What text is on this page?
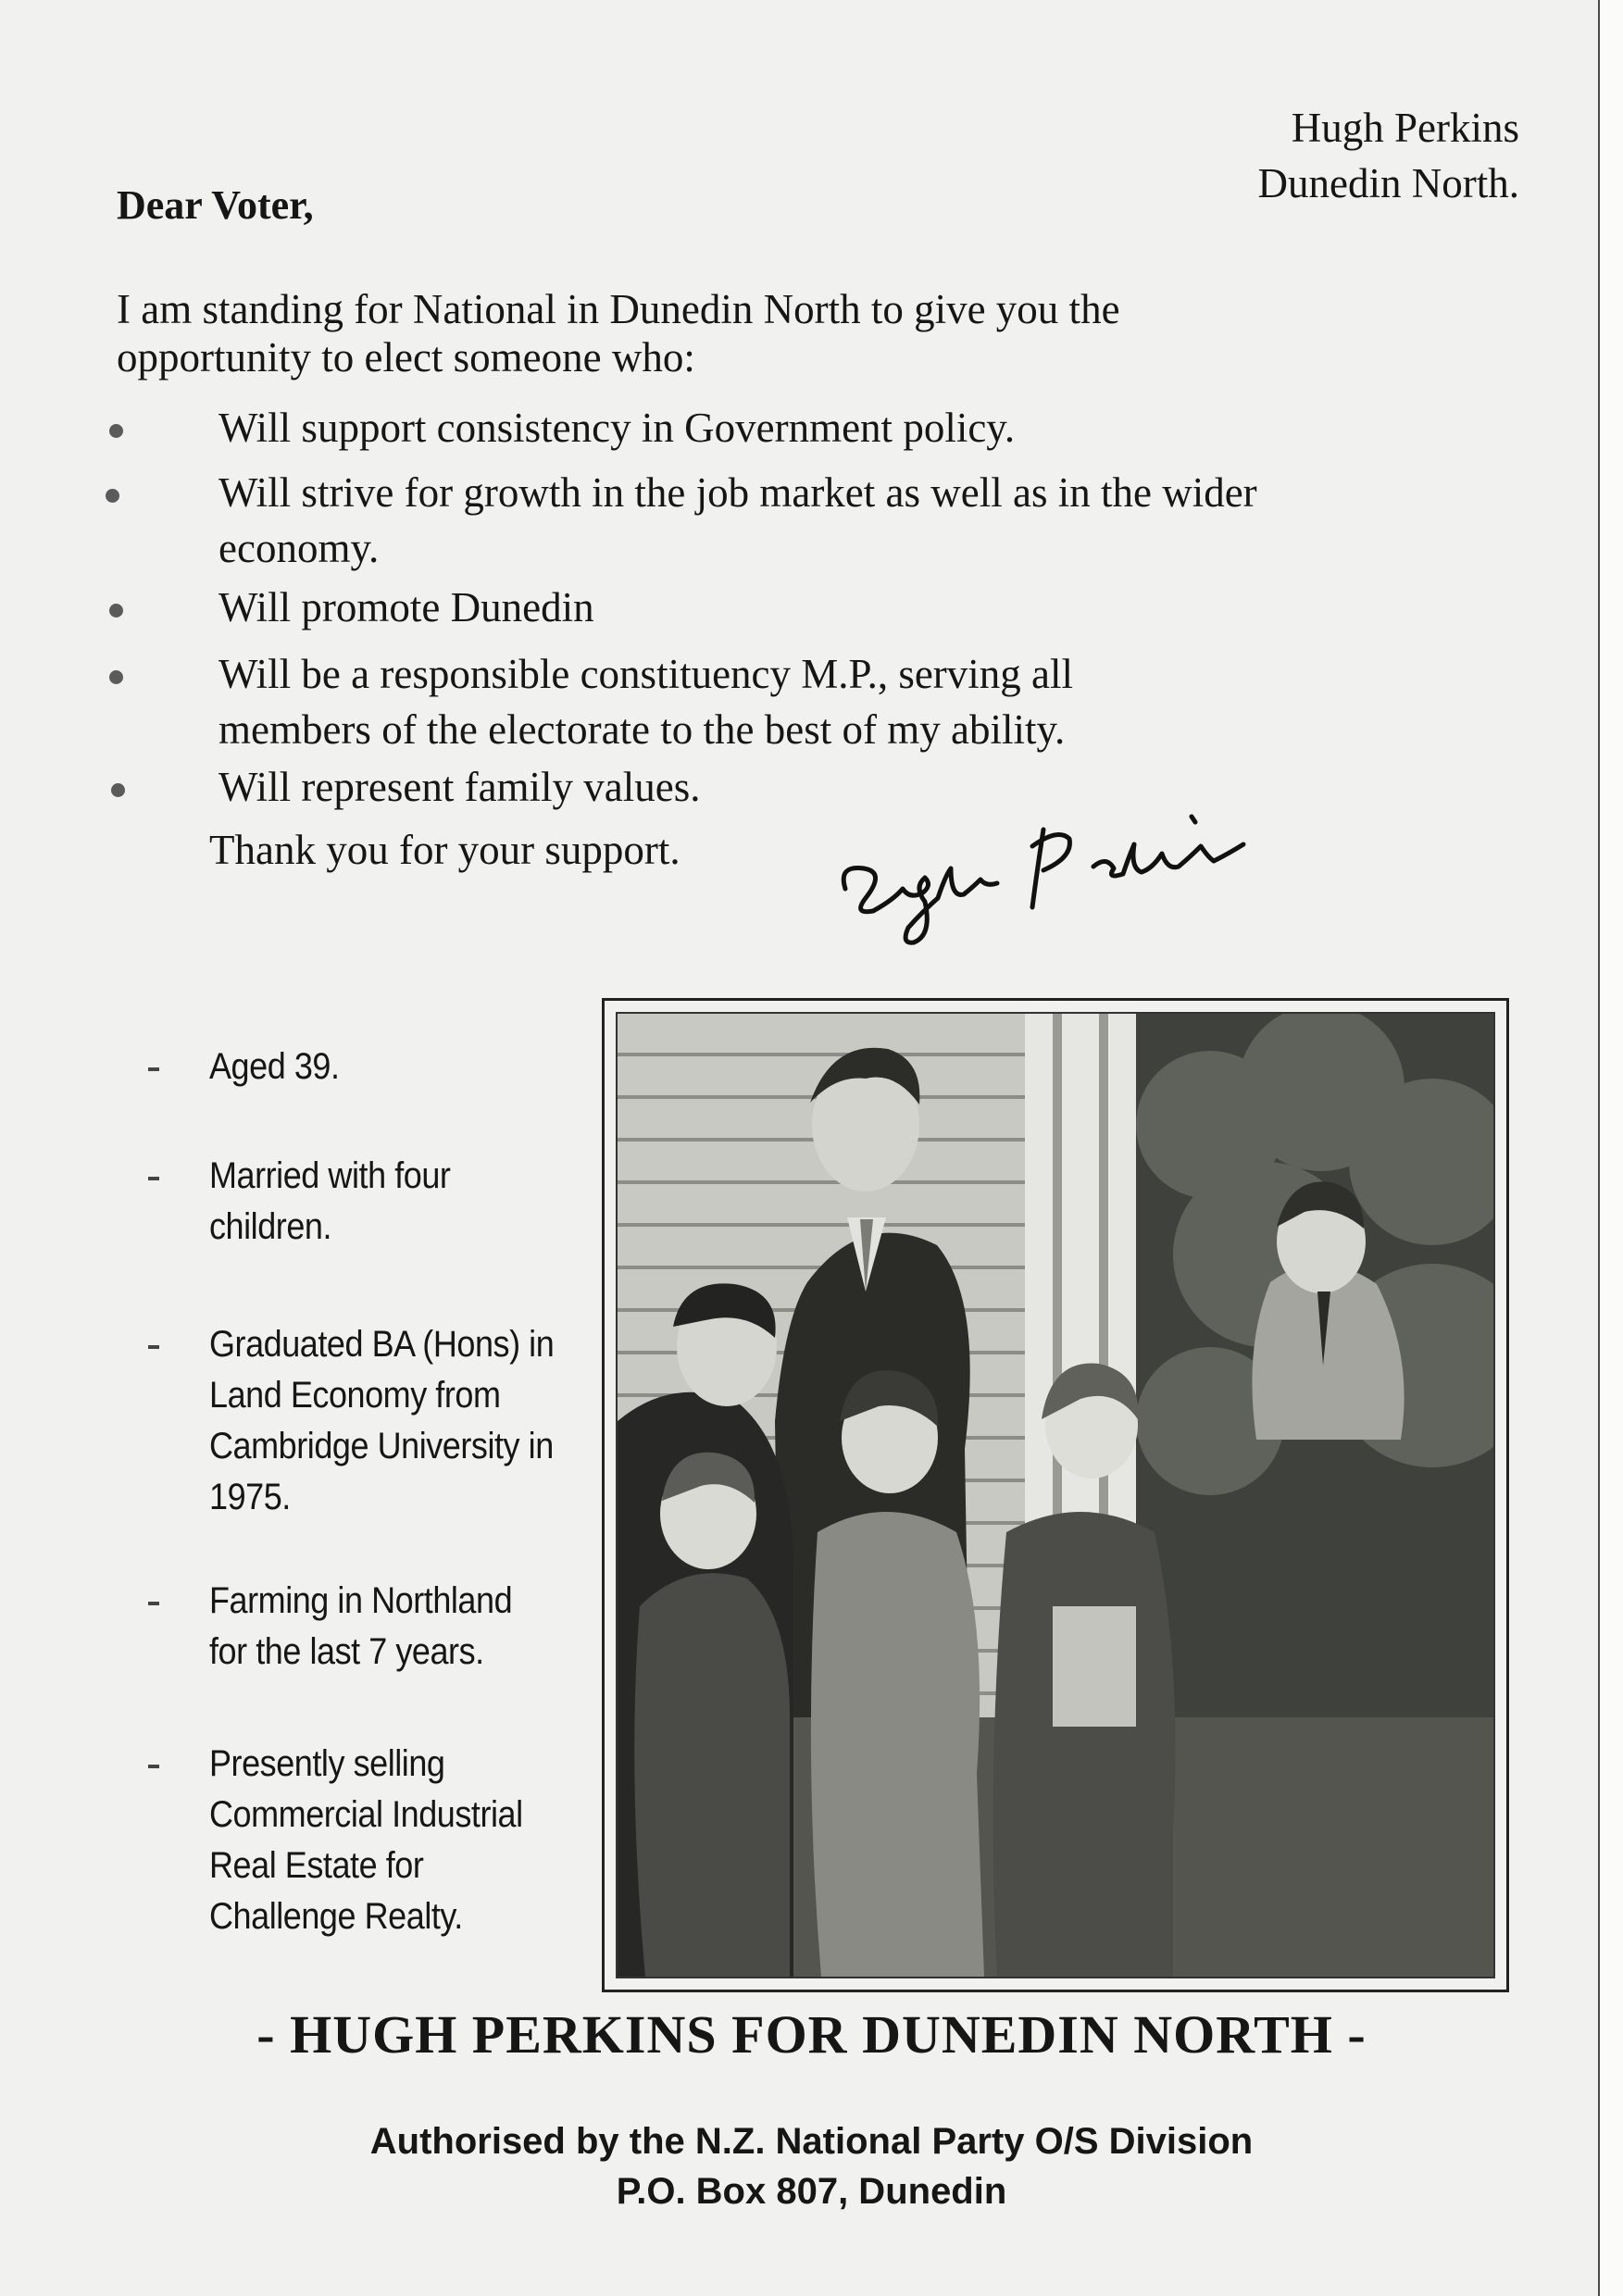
Hugh Perkins
Dunedin North.
Dear Voter,
I am standing for National in Dunedin North to give you the opportunity to elect someone who:
Will support consistency in Government policy.
Will strive for growth in the job market as well as in the wider economy.
Will promote Dunedin
Will be a responsible constituency M.P., serving all members of the electorate to the best of my ability.
Will represent family values.
Thank you for your support.
Aged 39.
Married with four children.
Graduated BA (Hons) in Land Economy from Cambridge University in 1975.
Farming in Northland for the last 7 years.
Presently selling Commercial Industrial Real Estate for Challenge Realty.
- HUGH PERKINS FOR DUNEDIN NORTH -
Authorised by the N.Z. National Party O/S Division
P.O. Box 807, Dunedin
